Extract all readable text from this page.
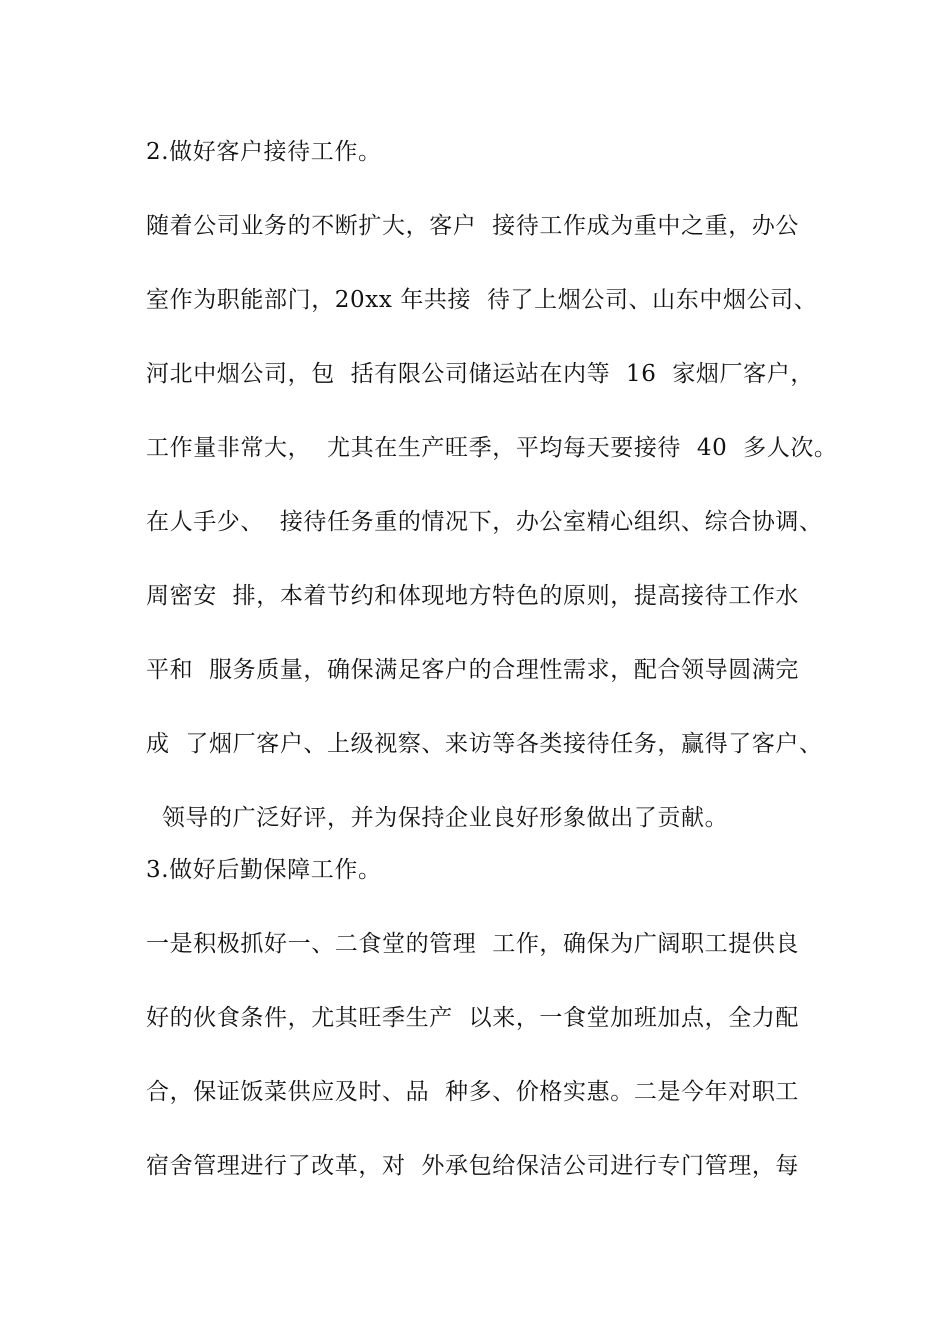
2.做好客户接待工作。

随着公司业务的不断扩大，客户  接待工作成为重中之重，办公

室作为职能部门，20xx 年共接  待了上烟公司、山东中烟公司、

河北中烟公司，包  括有限公司储运站在内等  16  家烟厂客户，

工作量非常大，  尤其在生产旺季，平均每天要接待  40  多人次。

在人手少、  接待任务重的情况下，办公室精心组织、综合协调、

周密安  排，本着节约和体现地方特色的原则，提高接待工作水

平和  服务质量，确保满足客户的合理性需求，配合领导圆满完

成  了烟厂客户、上级视察、来访等各类接待任务，赢得了客户、

领导的广泛好评，并为保持企业良好形象做出了贡献。

3.做好后勤保障工作。

一是积极抓好一、二食堂的管理  工作，确保为广阔职工提供良

好的伙食条件，尤其旺季生产  以来，一食堂加班加点，全力配

合，保证饭菜供应及时、品  种多、价格实惠。二是今年对职工

宿舍管理进行了改革，对  外承包给保洁公司进行专门管理，每
